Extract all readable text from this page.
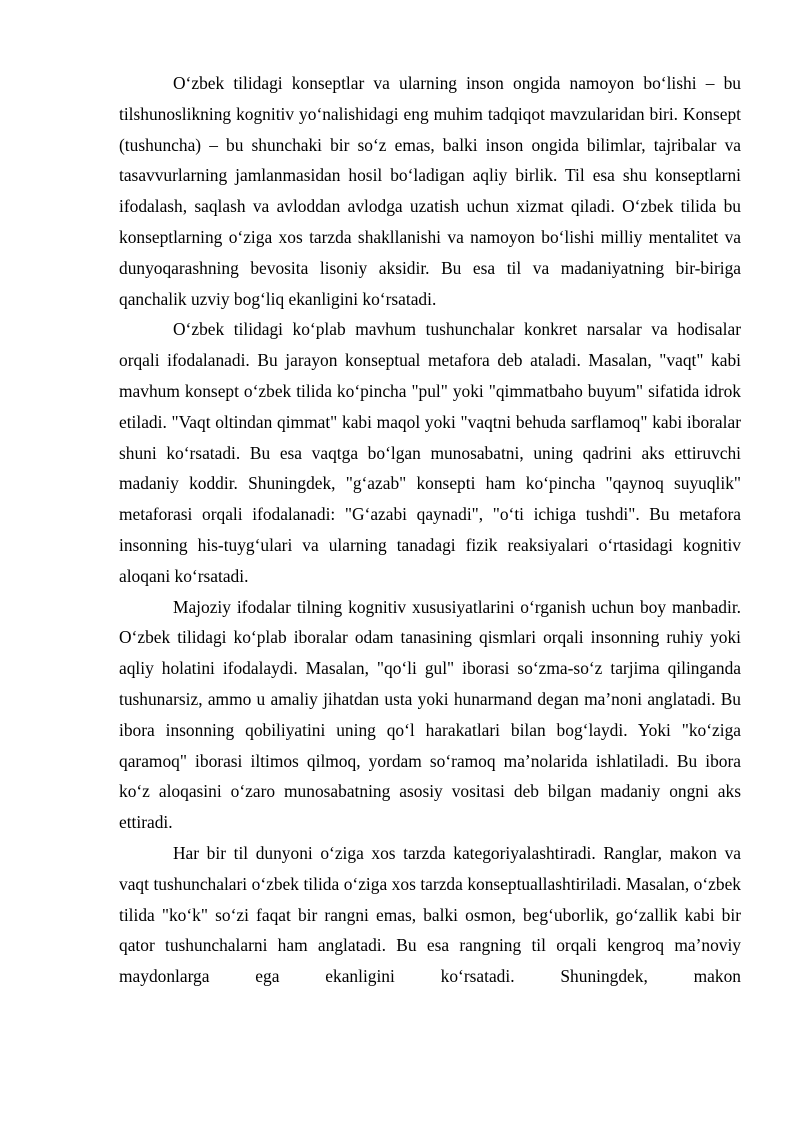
O‘zbek tilidagi konseptlar va ularning inson ongida namoyon bo‘lishi – bu tilshunoslikning kognitiv yo‘nalishidagi eng muhim tadqiqot mavzularidan biri. Konsept (tushuncha) – bu shunchaki bir so‘z emas, balki inson ongida bilimlar, tajribalar va tasavvurlarning jamlanmasidan hosil bo‘ladigan aqliy birlik. Til esa shu konseptlarni ifodalash, saqlash va avloddan avlodga uzatish uchun xizmat qiladi. O‘zbek tilida bu konseptlarning o‘ziga xos tarzda shakllanishi va namoyon bo‘lishi milliy mentalitet va dunyoqarashning bevosita lisoniy aksidir. Bu esa til va madaniyatning bir-biriga qanchalik uzviy bog‘liq ekanligini ko‘rsatadi.

O‘zbek tilidagi ko‘plab mavhum tushunchalar konkret narsalar va hodisalar orqali ifodalanadi. Bu jarayon konseptual metafora deb ataladi. Masalan, "vaqt" kabi mavhum konsept o‘zbek tilida ko‘pincha "pul" yoki "qimmatbaho buyum" sifatida idrok etiladi. "Vaqt oltindan qimmat" kabi maqol yoki "vaqtni behuda sarflamoq" kabi iboralar shuni ko‘rsatadi. Bu esa vaqtga bo‘lgan munosabatni, uning qadrini aks ettiruvchi madaniy koddir. Shuningdek, "g‘azab" konsepti ham ko‘pincha "qaynoq suyuqlik" metaforasi orqali ifodalanadi: "G‘azabi qaynadi", "o‘ti ichiga tushdi". Bu metafora insonning his-tuyg‘ulari va ularning tanadagi fizik reaksiyalari o‘rtasidagi kognitiv aloqani ko‘rsatadi.

Majoziy ifodalar tilning kognitiv xususiyatlarini o‘rganish uchun boy manbadir. O‘zbek tilidagi ko‘plab iboralar odam tanasining qismlari orqali insonning ruhiy yoki aqliy holatini ifodalaydi. Masalan, "qo‘li gul" iborasi so‘zma-so‘z tarjima qilinganda tushunarsiz, ammo u amaliy jihatdan usta yoki hunarmand degan ma’noni anglatadi. Bu ibora insonning qobiliyatini uning qo‘l harakatlari bilan bog‘laydi. Yoki "ko‘ziga qaramoq" iborasi iltimos qilmoq, yordam so‘ramoq ma’nolarida ishlatiladi. Bu ibora ko‘z aloqasini o‘zaro munosabatning asosiy vositasi deb bilgan madaniy ongni aks ettiradi.

Har bir til dunyoni o‘ziga xos tarzda kategoriyalashtiradi. Ranglar, makon va vaqt tushunchalari o‘zbek tilida o‘ziga xos tarzda konseptuallashtiriladi. Masalan, o‘zbek tilida "ko‘k" so‘zi faqat bir rangni emas, balki osmon, beg‘uborlik, go‘zallik kabi bir qator tushunchalarni ham anglatadi. Bu esa rangning til orqali kengroq ma’noviy maydonlarga ega ekanligini ko‘rsatadi. Shuningdek, makon
